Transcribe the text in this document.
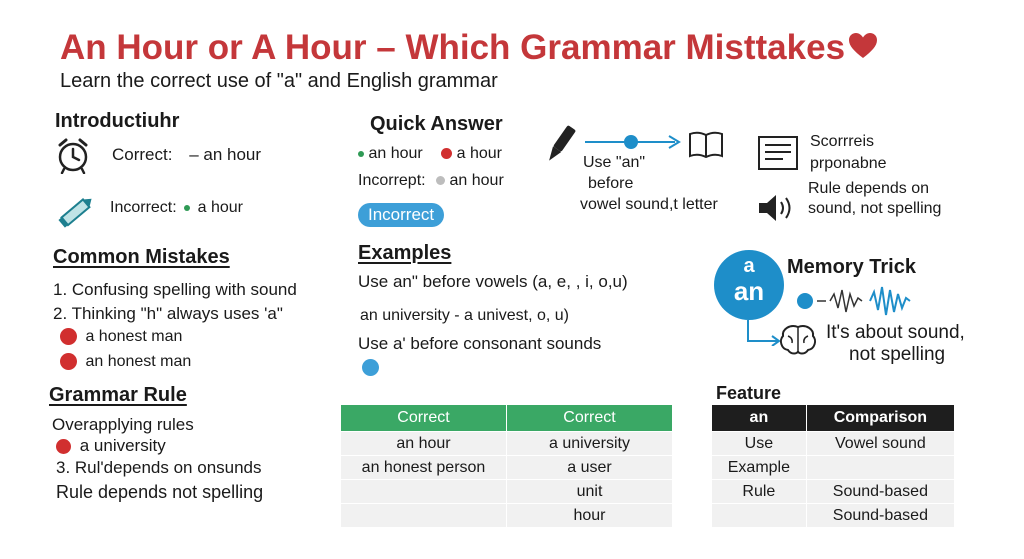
An Hour or A Hour – Which Grammar Misttakes
Learn the correct use of "a" and English grammar
Introductiuhr
Correct: – an hour
Incorrect: a hour
Quick Answer
an hour a hour
Incorrept: an hour
Incorrect
Use "an"
before
vowel sound,t letter
Scorrreis
prponabne
Rule depends on
sound, not spelling
Common Mistakes
1. Confusing spelling with sound
2. Thinking "h" always uses 'a"
a honest man
an honest man
Examples
Use an" before vowels (a, e, , i, o,u)
an university - a univest, o, u)
Use a' before consonant sounds
a
an
Memory Trick
It's about sound,
not spelling
Grammar Rule
Overapplying rules
a university
3. Rul'depends on onsunds
Rule depends not spelling
Correct	Correct
an hour	a university
an honest person	a user
	unit
	hour
Feature
an	Comparison
Use	Vowel sound
Example	
Rule	Sound-based
	Sound-based
